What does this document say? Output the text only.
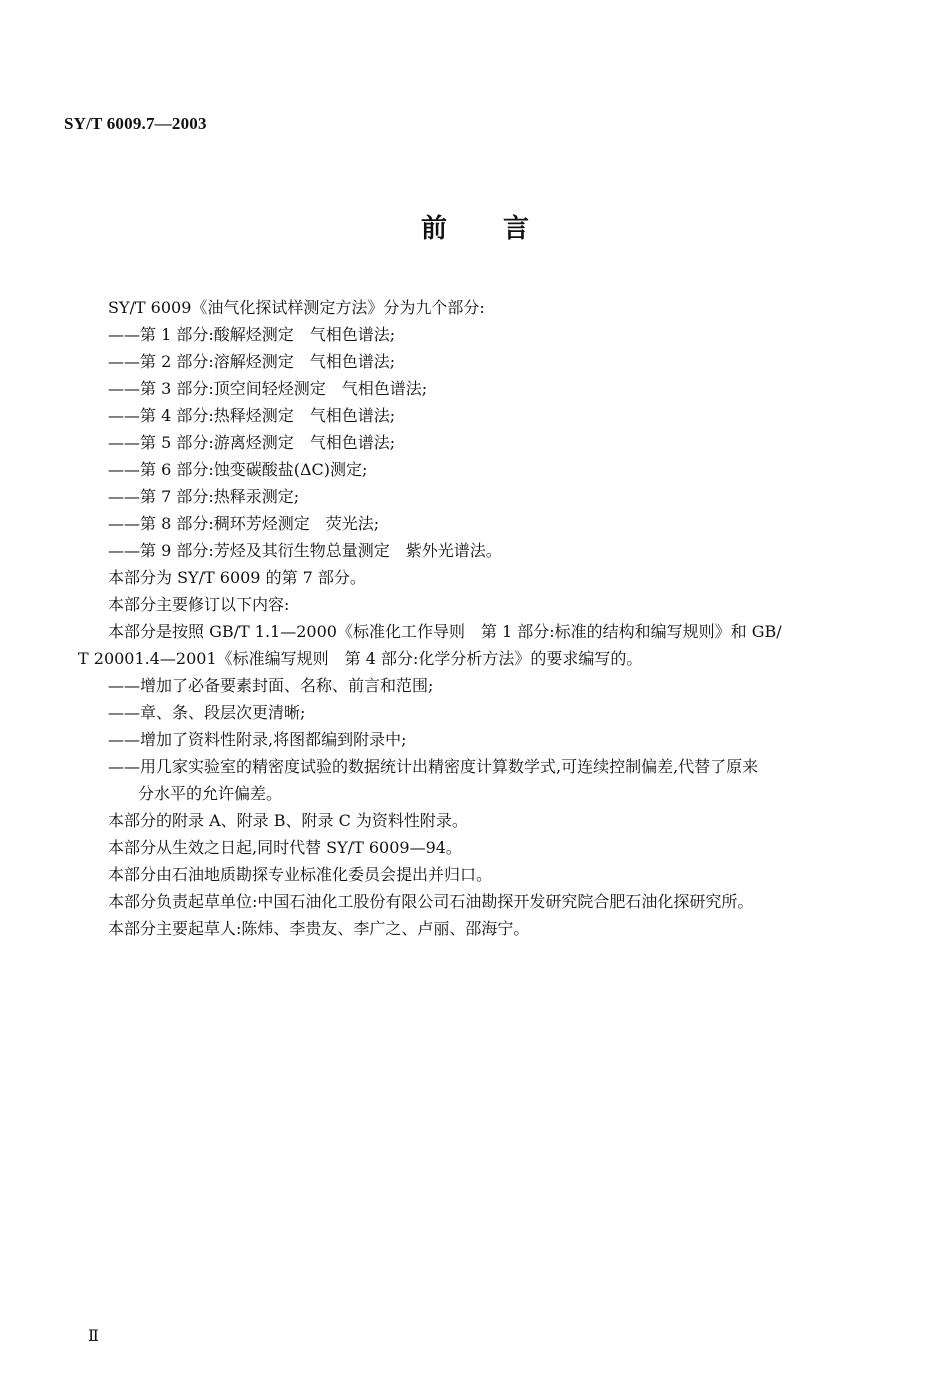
SY/T 6009.7—2003
前 言

SY/T 6009《油气化探试样测定方法》分为九个部分:

——第 1 部分:酸解烃测定　气相色谱法;

——第 2 部分:溶解烃测定　气相色谱法;

——第 3 部分:顶空间轻烃测定　气相色谱法;

——第 4 部分:热释烃测定　气相色谱法;

——第 5 部分:游离烃测定　气相色谱法;

——第 6 部分:蚀变碳酸盐(ΔC)测定;

——第 7 部分:热释汞测定;

——第 8 部分:稠环芳烃测定　荧光法;

——第 9 部分:芳烃及其衍生物总量测定　紫外光谱法。

本部分为 SY/T 6009 的第 7 部分。

本部分主要修订以下内容:

本部分是按照 GB/T 1.1—2000《标准化工作导则　第 1 部分:标准的结构和编写规则》和 GB/

T 20001.4—2001《标准编写规则　第 4 部分:化学分析方法》的要求编写的。

——增加了必备要素封面、名称、前言和范围;

——章、条、段层次更清晰;

——增加了资料性附录,将图都编到附录中;

——用几家实验室的精密度试验的数据统计出精密度计算数学式,可连续控制偏差,代替了原来

分水平的允许偏差。

本部分的附录 A、附录 B、附录 C 为资料性附录。

本部分从生效之日起,同时代替 SY/T 6009—94。

本部分由石油地质勘探专业标准化委员会提出并归口。

本部分负责起草单位:中国石油化工股份有限公司石油勘探开发研究院合肥石油化探研究所。

本部分主要起草人:陈炜、李贵友、李广之、卢丽、邵海宁。

Ⅱ
